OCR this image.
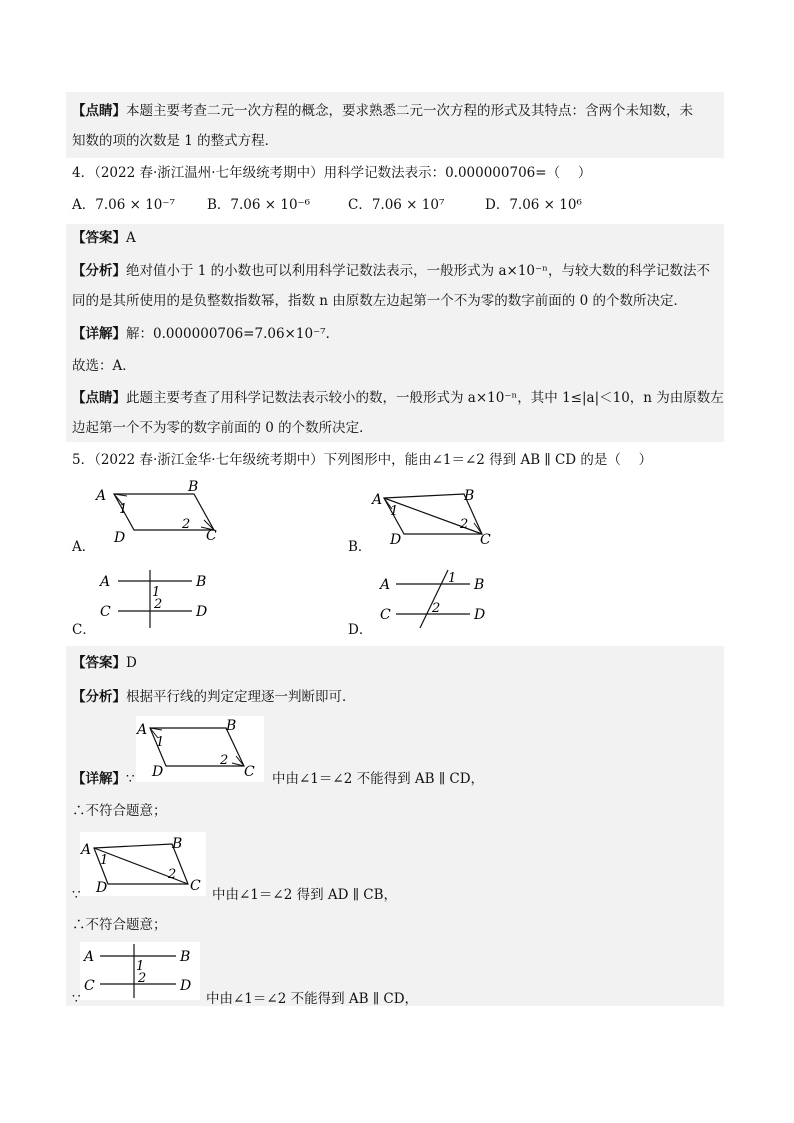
【点睛】本题主要考查二元一次方程的概念，要求熟悉二元一次方程的形式及其特点：含两个未知数，未
知数的项的次数是 1 的整式方程．
4．（2022 春·浙江温州·七年级统考期中）用科学记数法表示：0.000000706=（　 ）
A．7.06 × 10⁻⁷ B．7.06 × 10⁻⁶	C．7.06 × 10⁷	D．7.06 × 10⁶
【答案】A
【分析】绝对值小于 1 的小数也可以利用科学记数法表示，一般形式为 a×10⁻ⁿ，与较大数的科学记数法不
同的是其所使用的是负整数指数幂，指数 n 由原数左边起第一个不为零的数字前面的 0 的个数所决定．
【详解】解：0.000000706=7.06×10⁻⁷．
故选：A．
【点睛】此题主要考查了用科学记数法表示较小的数，一般形式为 a×10⁻ⁿ，其中 1≤|a|＜10，n 为由原数左
边起第一个不为零的数字前面的 0 的个数所决定．
5．（2022 春·浙江金华·七年级统考期中）下列图形中，能由∠1＝∠2 得到 AB ∥ CD 的是（　 ）
A
B
C
D
1
2
A．
A	B
C
D
1
2
B．
A	B
C	D
1
2
C．
A	B
C	D
1
2
D．
【答案】D
【分析】根据平行线的判定定理逐一判断即可．
A	B
C
D
1
2
【详解】∵	中由∠1＝∠2 不能得到 AB ∥ CD，
∴不符合题意；
A	B
C
D
1
2
∵	中由∠1＝∠2 得到 AD ∥ CB，
∴不符合题意；
A	B
C	D
1
2
∵	中由∠1＝∠2 不能得到 AB ∥ CD，
